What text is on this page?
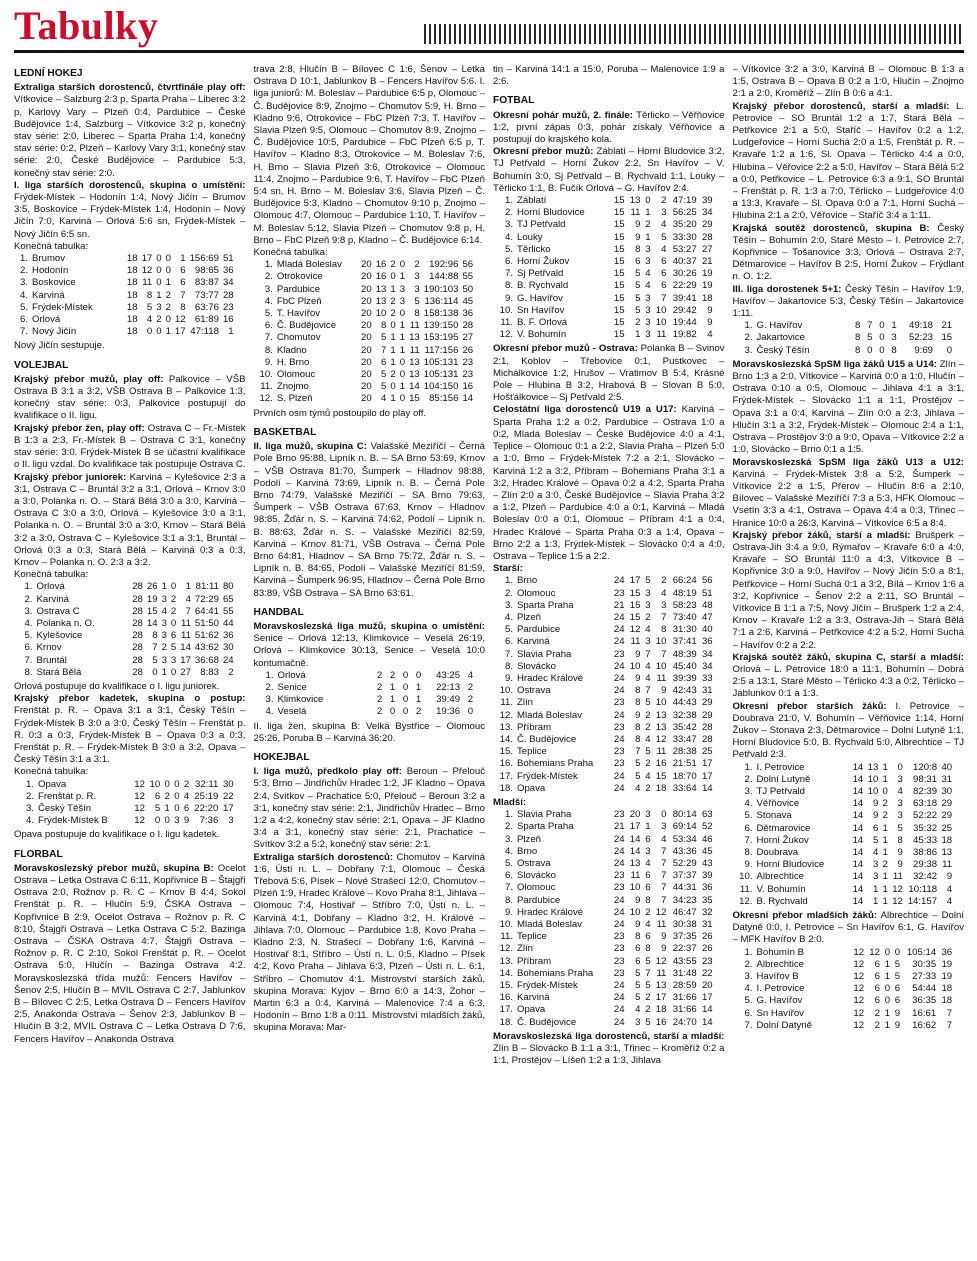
Tabulky
LEDNÍ HOKEJ

Extraliga starších dorostenců, čtvrtfinále play off: Vítkovice – Salzburg 2:3 p, Sparta Praha – Liberec 3:2 p, Karlovy Vary – Plzeň 0:4, Pardubice – České Budějovice 1:4, Salzburg – Vítkovice 3:2 p, konečný stav série: 2:0, Liberec – Sparta Praha 1:4, konečný stav série: 0:2, Plzeň – Karlovy Vary 3:1, konečný stav série: 2:0, České Budějovice – Pardubice 5:3, konečný stav série: 2:0.

I. liga starších dorostenců, skupina o umístění: Frýdek-Místek – Hodonín 1:4, Nový Jičín – Brumov 3:5, Boskovice – Frýdek-Místek 1:4, Hodonín – Nový Jičín 7:0, Karviná – Orlová 5:6 sn, Frýdek-Místek – Nový Jičín 6:5 sn.

Konečná tabulka:

1.	Brumov	18	17	0	0	1	156:69	51
2.	Hodonín	18	12	0	0	6	98:65	36
3.	Boskovice	18	11	0	1	6	83:87	34
4.	Karviná	18	8	1	2	7	73:77	28
5.	Frýdek-Místek	18	5	3	2	8	63:76	23
6.	Orlová	18	4	2	0	12	61:89	16
7.	Nový Jičín	18	0	0	1	17	47:118	1

Nový Jičín sestupuje.

VOLEJBAL

Krajský přebor mužů, play off: Palkovice – VŠB Ostrava B 3:1 a 3:2, VŠB Ostrava B – Palkovice 1:3, konečný stav série: 0:3, Palkovice postupují do kvalifikace o II. ligu.

Krajský přebor žen, play off: Ostrava C – Fr.-Místek B 1:3 a 2:3, Fr.-Místek B – Ostrava C 3:1, konečný stav série: 3:0. Frýdek-Místek B se účastní kvalifikace o II. ligu vzdal. Do kvalifikace tak postupuje Ostrava C.

Krajský přebor juniorek: Karviná – Kylešovice 2:3 a 3:1, Ostrava C – Bruntál 3:2 a 3:1, Orlová – Krnov 3:0 a 3:0, Polanka n. O. – Stará Bělá 3:0 a 3:0, Karviná – Ostrava C 3:0 a 3:0, Orlová – Kylešovice 3:0 a 3:1, Polanka n. O. – Bruntál 3:0 a 3:0, Krnov – Stará Bělá 3:2 a 3:0, Ostrava C – Kylešovice 3:1 a 3:1, Bruntál – Orlová 0:3 a 0:3, Stará Bělá – Karviná 0:3 a 0:3, Krnov – Polanka n. O. 2:3 a 3:2.

Konečná tabulka:

1.	Orlová	28	26	1	0	1	81:11	80
2.	Karviná	28	19	3	2	4	72:29	65
3.	Ostrava C	28	15	4	2	7	64:41	55
4.	Polanka n. O.	28	14	3	0	11	51:50	44
5.	Kylešovice	28	8	3	6	11	51:62	36
6.	Krnov	28	7	2	5	14	43:62	30
7.	Bruntál	28	5	3	3	17	36:68	24
8.	Stará Bělá	28	0	1	0	27	8:83	2

Orlová postupuje do kvalifikace o I. ligu juniorek.

Krajský přebor kadetek, skupina o postup: Frenštát p. R. – Opava 3:1 a 3:1, Český Těšín – Frýdek-Místek B 3:0 a 3:0, Český Těšín – Frenštát p. R. 0:3 a 0:3, Frýdek-Místek B – Opava 0:3 a 0:3, Frenštát p. R. – Frýdek-Místek B 3:0 a 3:2, Opava – Český Těšín 3:1 a 3:1.

Konečná tabulka:

1.	Opava	12	10	0	0	2	32:11	30
2.	Frenštát p. R.	12	6	2	0	4	25:19	22
3.	Český Těšín	12	5	1	0	6	22:20	17
4.	Frýdek-Místek B	12	0	0	3	9	7:36	3

Opava postupuje do kvalifikace o I. ligu kadetek.

FLORBAL

Moravskoslezský přebor mužů, skupina B: Ocelot Ostrava – Letka Ostrava C 6:11, Kopřivnice B – Štajgři Ostrava 2:0, Rožnov p. R. C – Krnov B 4:4, Sokol Frenštát p. R. – Hlučín 5:9, ČSKA Ostrava – Kopřivnice B 2:9, Ocelot Ostrava – Rožnov p. R. C 8:10, Štajgři Ostrava – Letka Ostrava C 5:2, Bazinga Ostrava – ČSKA Ostrava 4:7, Štajgři Ostrava – Rožnov p. R. C 2:10, Sokol Frenštát p. R. – Ocelot Ostrava 5:0, Hlučín – Bazinga Ostrava 4:2. Moravskoslezská třída mužů: Fencers Havířov – Šenov 2:5, Hlučín B – MVIL Ostrava C 2:7, Jablunkov B – Bílovec C 2:5, Letka Ostrava D – Fencers Havířov 2:5, Anakonda Ostrava – Šenov 2:3, Jablunkov B – Hlučín B 3:2, MVIL Ostrava C – Letka Ostrava D 7:6, Fencers Havířov – Anakonda Ostrava

trava 2:8, Hlučín B – Bílovec C 1:6, Šenov – Letka Ostrava D 10:1, Jablunkov B – Fencers Havířov 5:6. I. liga juniorů: M. Boleslav – Pardubice 6:5 p, Olomouc – Č. Budějovice 8:9, Znojmo – Chomutov 5:9, H. Brno – Kladno 9:6, Otrokovice – FbC Plzeň 7:3, T. Havířov – Slavia Plzeň 9:5, Olomouc – Chomutov 8:9, Znojmo – Č. Budějovice 10:5, Pardubice – FbC Plzeň 6:5 p, T. Havířov – Kladno 8:3, Otrokovice – M. Boleslav 7:6, H. Brno – Slavia Plzeň 3:6, Otrokovice – Olomouc 11:4, Znojmo – Pardubice 9:6, T. Havířov – FbC Plzeň 5:4 sn, H. Brno – M. Boleslav 3:6, Slavia Plzeň – Č. Budějovice 5:3, Kladno – Chomutov 9:10 p, Znojmo – Olomouc 4:7, Olomouc – Pardubice 1:10, T. Havířov – M. Boleslav 5:12, Slavia Plzeň – Chomutov 9:8 p, H. Brno – FbC Plzeň 9:8 p, Kladno – Č. Budějovice 6:14.

Konečná tabulka:

1.	Mladá Boleslav	20	16	2	0	2	192:96	56
2.	Otrokovice	20	16	0	1	3	144:88	55
3.	Pardubice	20	13	1	3	3	190:103	50
4.	FbC Plzeň	20	13	2	3	5	136:114	45
5.	T. Havířov	20	10	2	0	8	158:138	36
6.	Č. Budějovice	20	8	0	1	11	139:150	28
7.	Chomutov	20	5	1	1	13	153:195	27
8.	Kladno	20	7	1	1	11	117:156	26
9.	H. Brno	20	6	1	0	13	105:131	23
10.	Olomouc	20	5	2	0	13	105:131	23
11.	Znojmo	20	5	0	1	14	104:150	16
12.	S. Plzeň	20	4	1	0	15	85:156	14

Prvních osm týmů postoupilo do play off.

BASKETBAL

II. liga mužů, skupina C: Valašské Meziříčí – Černá Pole Brno 95:88, Lipník n. B. – SA Brno 53:69, Krnov – VŠB Ostrava 81:70, Šumperk – Hladnov 98:88, Podolí – Karviná 73:69, Lipník n. B. – Černá Pole Brno 74:79, Valašské Meziříčí – SA Brno 79:63, Šumperk – VŠB Ostrava 67:63, Krnov – Hladnov 98:85, Žďár n. S. – Karviná 74:62, Podolí – Lipník n. B. 88:63, Žďár n. S. – Valašské Meziříčí 82:59, Karviná – Krnov 81:71, VŠB Ostrava – Černá Pole Brno 64:81, Hladnov – SA Brno 75:72, Žďár n. S. – Lipník n. B. 84:65, Podolí – Valašské Meziříčí 81:59, Karviná – Šumperk 96:95, Hladnov – Černá Pole Brno 83:89, VŠB Ostrava – SA Brno 63:61.

HANDBAL

Moravskoslezská liga mužů, skupina o umístění: Senice – Orlová 12:13, Klimkovice – Veselá 26:19, Orlová – Klimkovice 30:13, Senice – Veselá 10:0 kontumačně.

1.	Orlová	2	2	0	0	43:25	4
2.	Senice	2	1	0	1	22:13	2
3.	Klimkovice	2	1	0	1	39:49	2
4.	Veselá	2	0	0	2	19:36	0

II. liga žen, skupina B: Velká Bystřice – Olomouc 25:26, Poruba B – Karviná 36:20.

HOKEJBAL

I. liga mužů, předkolo play off: Beroun – Přelouč 5:3, Brno – Jindřichův Hradec 1:2, JF Kladno – Opava 2:4, Svítkov – Prachatice 5:0, Přelouč – Beroun 3:2 a 3:1, konečný stav série: 2:1, Jindřichův Hradec – Brno 1:2 a 4:2, konečný stav série: 2:1, Opava – JF Kladno 3:4 a 3:1, konečný stav série: 2:1, Prachatice – Svítkov 3:2 a 5:2, konečný stav série: 2:1.

Extraliga starších dorostenců: Chomutov – Karviná 1:6, Ústí n. L. – Dobřany 7:1, Olomouc – Česká Třebová 5:6, Písek – Nové Strašecí 12:0, Chomutov – Plzeň 1:9, Hradec Králové – Kovo Praha 8:1, Jihlava – Olomouc 7:4, Hostivař – Stříbro 7:0, Ústí n. L. – Karviná 4:1, Dobřany – Kladno 3:2, H. Králové – Jihlava 7:0, Olomouc – Pardubice 1:8, Kovo Praha – Kladno 2:3, N. Strašecí – Dobřany 1:6, Karviná – Hostivař 8:1, Stříbro – Ústí n. L. 0:5, Kladno – Písek 4:2, Kovo Praha – Jihlava 6:3, Plzeň – Ústí n. L. 6:1, Stříbro – Chomutov 4:1. Mistrovství starších žáků, skupina Morava: Kyjov – Brno 6:0 a 14:3, Zohor – Martin 6:3 a 0:4, Karviná – Malenovice 7:4 a 6:3, Hodonín – Brno 1:8 a 0:11. Mistrovství mladších žáků, skupina Morava: Mar-

tin – Karviná 14:1 a 15:0, Poruba – Malenovice 1:9 a 2:6.

FOTBAL

Okresní pohár mužů, 2. finále: Těrlicko – Věřňovice 1:2, první zápas 0:3, pohár získaly Věřňovice a postupují do krajského kola.

Okresní přebor mužů: Záblatí – Horní Bludovice 3:2, TJ Petřvald – Horní Žukov 2:2, Sn Havířov – V. Bohumín 3:0, Sj Petřvald – B. Rychvald 1:1, Louky – Těrlicko 1:1, B. Fučík Orlová – G. Havířov 2:4.

1.	Záblatí	15	13	0	2	47:19	39
2.	Horní Bludovice	15	11	1	3	56:25	34
3.	TJ Petřvald	15	9	2	4	35:20	29
4.	Louky	15	9	1	5	33:30	28
5.	Těrlicko	15	8	3	4	53:27	27
6.	Horní Žukov	15	6	3	6	40:37	21
7.	Sj Petřvald	15	5	4	6	30:26	19
8.	B. Rychvald	15	5	4	6	22:29	19
9.	G. Havířov	15	5	3	7	39:41	18
10.	Sn Havířov	15	5	3	10	29:42	9
11.	B. F. Orlová	15	2	3	10	19:44	9
12.	V. Bohumín	15	1	3	11	19:82	4

Okresní přebor mužů - Ostrava: Polanka B – Svinov 2:1, Koblov – Třebovice 0:1, Pustkovec – Michálkovice 1:2, Hrušov – Vratimov B 5:4, Krásné Pole – Hlubina B 3:2, Hrabová B – Slovan B 5:0, Hošťálkovice – Sj Petřvald 2:5.

Celostátní liga dorostenců U19 a U17: Karviná – Sparta Praha 1:2 a 0:2, Pardubice – Ostrava 1:0 a 0:2, Mladá Boleslav – České Budějovice 4:0 a 4:1, Teplice – Olomouc 0:1 a 2:2, Slavia Praha – Plzeň 5:0 a 1:0, Brno – Frýdek-Místek 7:2 a 2:1, Slovácko – Karviná 1:2 a 3:2, Příbram – Bohemians Praha 3:1 a 3:2, Hradec Králové – Opava 0:2 a 4:2, Sparta Praha – Zlín 2:0 a 3:0, České Budějovice – Slavia Praha 3:2 a 1:2, Plzeň – Pardubice 4:0 a 0:1, Karviná – Mladá Boleslav 0:0 a 0:1, Olomouc – Příbram 4:1 a 0:4, Hradec Králové – Sparta Praha 0:3 a 1:4, Opava – Brno 2:2 a 1:3, Frýdek-Místek – Slovácko 0:4 a 4:0, Ostrava – Teplice 1:5 a 2:2.

Starší:

1.	Brno	24	17	5	2	66:24	56
2.	Olomouc	23	15	3	4	48:19	51
3.	Sparta Praha	21	15	3	3	58:23	48
4.	Plzeň	24	15	2	7	73:40	47
5.	Pardubice	24	12	4	8	31:30	40
6.	Karviná	24	11	3	10	37:41	36
7.	Slavia Praha	23	9	7	7	48:39	34
8.	Slovácko	24	10	4	10	45:40	34
9.	Hradec Králové	24	9	4	11	39:39	33
10.	Ostrava	24	8	7	9	42:43	31
11.	Zlín	23	8	5	10	44:43	29
12.	Mladá Boleslav	24	9	2	13	32:38	29
13.	Příbram	23	8	2	13	35:42	28
14.	Č. Budějovice	24	8	4	12	33:47	28
15.	Teplice	23	7	5	11	28:38	25
16.	Bohemians Praha	23	5	2	16	21:51	17
17.	Frýdek-Místek	24	5	4	15	18:70	17
18.	Opava	24	4	2	18	33:64	14

Mladší:

1.	Slavia Praha	23	20	3	0	80:14	63
2.	Sparta Praha	21	17	1	3	69:14	52
3.	Plzeň	24	14	6	4	53:34	46
4.	Brno	24	14	3	7	43:36	45
5.	Ostrava	24	13	4	7	52:29	43
6.	Slovácko	23	11	6	7	37:37	39
7.	Olomouc	23	10	6	7	44:31	36
8.	Pardubice	24	9	8	7	34:23	35
9.	Hradec Králové	24	10	2	12	46:47	32
10.	Mladá Boleslav	24	9	4	11	30:38	31
11.	Teplice	23	8	6	9	37:35	26
12.	Zlín	23	6	8	9	22:37	26
13.	Příbram	23	6	5	12	43:55	23
14.	Bohemians Praha	23	5	7	11	31:48	22
15.	Frýdek-Místek	24	5	5	13	28:59	20
16.	Karviná	24	5	2	17	31:66	17
17.	Opava	24	4	2	18	31:66	14
18.	Č. Budějovice	24	3	5	16	24:70	14

Moravskoslezská liga dorostenců, starší a mladší: Zlín B – Slovácko B 1:1 a 3:1, Třinec – Kroměříž 0:2 a 1:1, Prostějov – Líšeň 1:2 a 1:3, Jihlava

– Vítkovice 3:2 a 3:0, Karviná B – Olomouc B 1:3 a 1:5, Ostrava B – Opava B 0:2 a 1:0, Hlučín – Znojmo 2:1 a 2:0, Kroměříž – Zlín B 0:6 a 4:1.

Krajský přebor dorostenců, starší a mladší: L. Petrovice – SO Bruntál 1:2 a 1:7, Stará Bělá – Petřkovice 2:1 a 5:0, Staříč – Havířov 0:2 a 1:2, Ludgeřovice – Horní Suchá 2:0 a 1:5, Frenštát p. R. – Kravaře 1:2 a 1:6, Sl. Opava – Těrlicko 4:4 a 0:0, Hlubina – Věřovice 2:2 a 5:0, Havířov – Stará Bělá 5:2 a 0:0, Petřkovice – L. Petrovice 6:3 a 9:1, SO Bruntál – Frenštát p. R. 1:3 a 7:0, Těrlicko – Ludgeřovice 4:0 a 13:3, Kravaře – Sl. Opava 0:0 a 7:1, Horní Suchá – Hlubina 2:1 a 2:0, Věřovice – Staříč 3:4 a 1:11.

Krajská soutěž dorostenců, skupina B: Český Těšín – Bohumín 2:0, Staré Město – I. Petrovice 2:7, Kopřivnice – Tošanovice 3:3, Orlová – Ostrava 2:7, Dětmarovice – Havířov B 2:5, Horní Žukov – Frýdlant n. O. 1:2.

III. liga dorostenek 5+1: Český Těšín – Havířov 1:9, Havířov – Jakartovice 5:3, Český Těšín – Jakartovice 1:11.

1.	G. Havířov	8	7	0	1	49:18	21
2.	Jakartovice	8	5	0	3	52:23	15
3.	Český Těšín	8	0	0	8	9:69	0

Moravskoslezská SpSM liga žáků U15 a U14: Zlín – Brno 1:3 a 2:0, Vítkovice – Karviná 0:0 a 1:0, Hlučín – Ostrava 0:10 a 0:5, Olomouc – Jihlava 4:1 a 3:1, Frýdek-Místek – Slovácko 1:1 a 1:1, Prostějov – Opava 3:1 a 0:4, Karviná – Zlín 0:0 a 2:3, Jihlava – Hlučín 3:1 a 3:2, Frýdek-Místek – Olomouc 2:4 a 1:1, Ostrava – Prostějov 3:0 a 9:0, Opava – Vítkovice 2:2 a 1:0, Slovácko – Brno 0:1 a 1:5.

Moravskoslezská SpSM liga žáků U13 a U12: Karviná – Frýdek-Místek 3:8 a 5:2, Šumperk – Vítkovice 2:2 a 1:5, Přerov – Hlučín 8:6 a 2:10, Bílovec – Valašské Meziříčí 7:3 a 5:3, HFK Olomouc – Vsetín 3:3 a 4:1, Ostrava – Opava 4:4 a 0:3, Třinec – Hranice 10:0 a 26:3, Karviná – Vítkovice 6:5 a 8:4.

Krajský přebor žáků, starší a mladší: Brušperk – Ostrava-Jih 3:4 a 9:0, Rýmařov – Kravaře 6:0 a 4:0, Kravaře – SO Bruntál 11:0 a 4:3, Vítkovice B – Kopřivnice 3:0 a 9:0, Havířov – Nový Jičín 5:0 a 8:1, Petřkovice – Horní Suchá 0:1 a 3:2, Bílá – Krnov 1:6 a 3:2, Kopřivnice – Šenov 2:2 a 2:11, SO Bruntál – Vítkovice B 1:1 a 7:5, Nový Jičín – Brušperk 1:2 a 2:4, Krnov – Kravaře 1:2 a 3:3, Ostrava-Jih – Stará Bělá 7:1 a 2:6, Karviná – Petřkovice 4:2 a 5:2, Horní Suchá – Havířov 0:2 a 2:2.

Krajská soutěž žáků, skupina C, starší a mladší: Orlová – L. Petrovice 18:0 a 11:1, Bohumín – Dobrá 2:5 a 13:1, Staré Město – Těrlicko 4:3 a 0:2, Těrlicko – Jablunkov 0:1 a 1:3.

Okresní přebor starších žáků: I. Petrovice – Doubrava 21:0, V. Bohumín – Věřňovice 1:14, Horní Žukov – Stonava 2:3, Dětmarovice – Dolní Lutyně 1:1, Horní Bludovice 5:0, B. Rychvald 5:0, Albrechtice – TJ Petřvald 2:3.

1.	I. Petrovice	14	13	1	0	120:8	40
2.	Dolní Lutyně	14	10	1	3	98:31	31
3.	TJ Petřvald	14	10	0	4	82:39	30
4.	Věřňovice	14	9	2	3	63:18	29
5.	Stonava	14	9	2	3	52:22	29
6.	Dětmarovice	14	6	1	5	35:32	25
7.	Horní Žukov	14	5	1	8	45:33	18
8.	Doubrava	14	4	1	9	38:86	13
9.	Horní Bludovice	14	3	2	9	29:38	11
10.	Albrechtice	14	3	1	11	32:42	9
11.	V. Bohumín	14	1	1	12	10:118	4
12.	B. Rychvald	14	1	1	12	14:157	4

Okresní přebor mladších žáků: Albrechtice – Dolní Datyně 0:0, I. Petrovice – Sn Havířov 6:1, G. Havířov – MFK Havířov B 2:0.

1.	Bohumín B	12	12	0	0	105:14	36
2.	Albrechtice	12	6	1	5	30:35	19
3.	Havířov B	12	6	1	5	27:33	19
4.	I. Petrovice	12	6	0	6	54:44	18
5.	G. Havířov	12	6	0	6	36:35	18
6.	Sn Havířov	12	2	1	9	16:61	7
7.	Dolní Datyně	12	2	1	9	16:62	7
